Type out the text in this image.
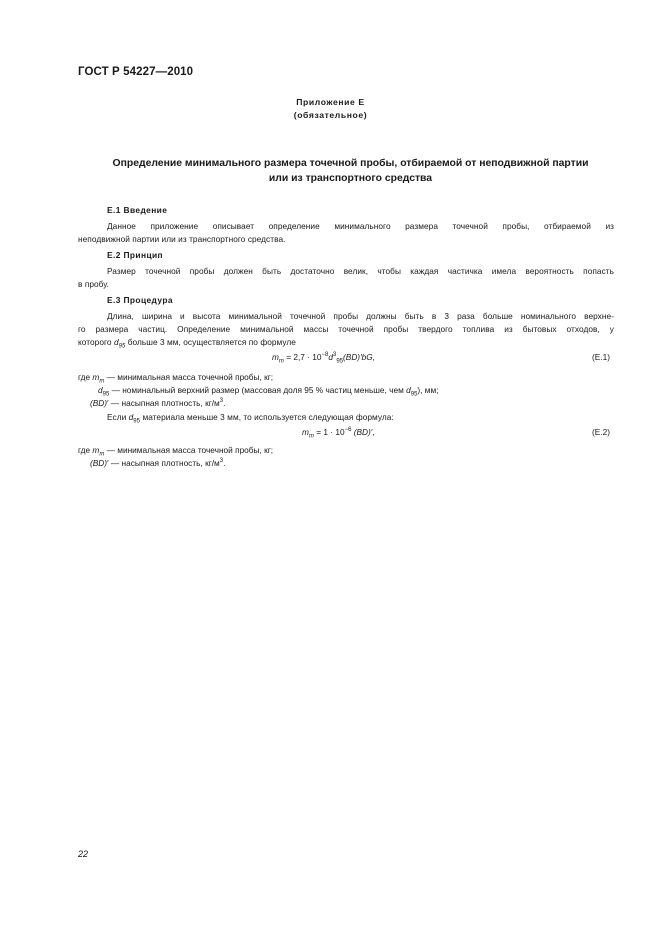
ГОСТ Р 54227—2010
Приложение Е
(обязательное)
Определение минимального размера точечной пробы, отбираемой от неподвижной партии
или из транспортного средства
Е.1 Введение
Данное приложение описывает определение минимального размера точечной пробы, отбираемой из
неподвижной партии или из транспортного средства.
Е.2 Принцип
Размер точечной пробы должен быть достаточно велик, чтобы каждая частичка имела вероятность попасть
в пробу.
Е.3 Процедура
Длина, ширина и высота минимальной точечной пробы должны быть в 3 раза больше номинального верхне-
го размера частиц. Определение минимальной массы точечной пробы твердого топлива из бытовых отходов, у
которого $d_{95}$ больше 3 мм, осуществляется по формуле
$m_m = 2,7 \cdot 10^{-8}d^3_{95}(BD)'bG$,	(Е.1)
где $m_m$ — минимальная масса точечной пробы, кг;
$d_{95}$ — номинальный верхний размер (массовая доля 95 % частиц меньше, чем $d_{95}$), мм;
(BD)′ — насыпная плотность, $кг/м^3$.
Если $d_{95}$ материала меньше 3 мм, то используется следующая формула:
$m_m = 1 \cdot 10^{-6}$ (BD)′,	(Е.2)
где $m_m$ — минимальная масса точечной пробы, кг;
(BD)′ — насыпная плотность, $кг/м^3$.
22
